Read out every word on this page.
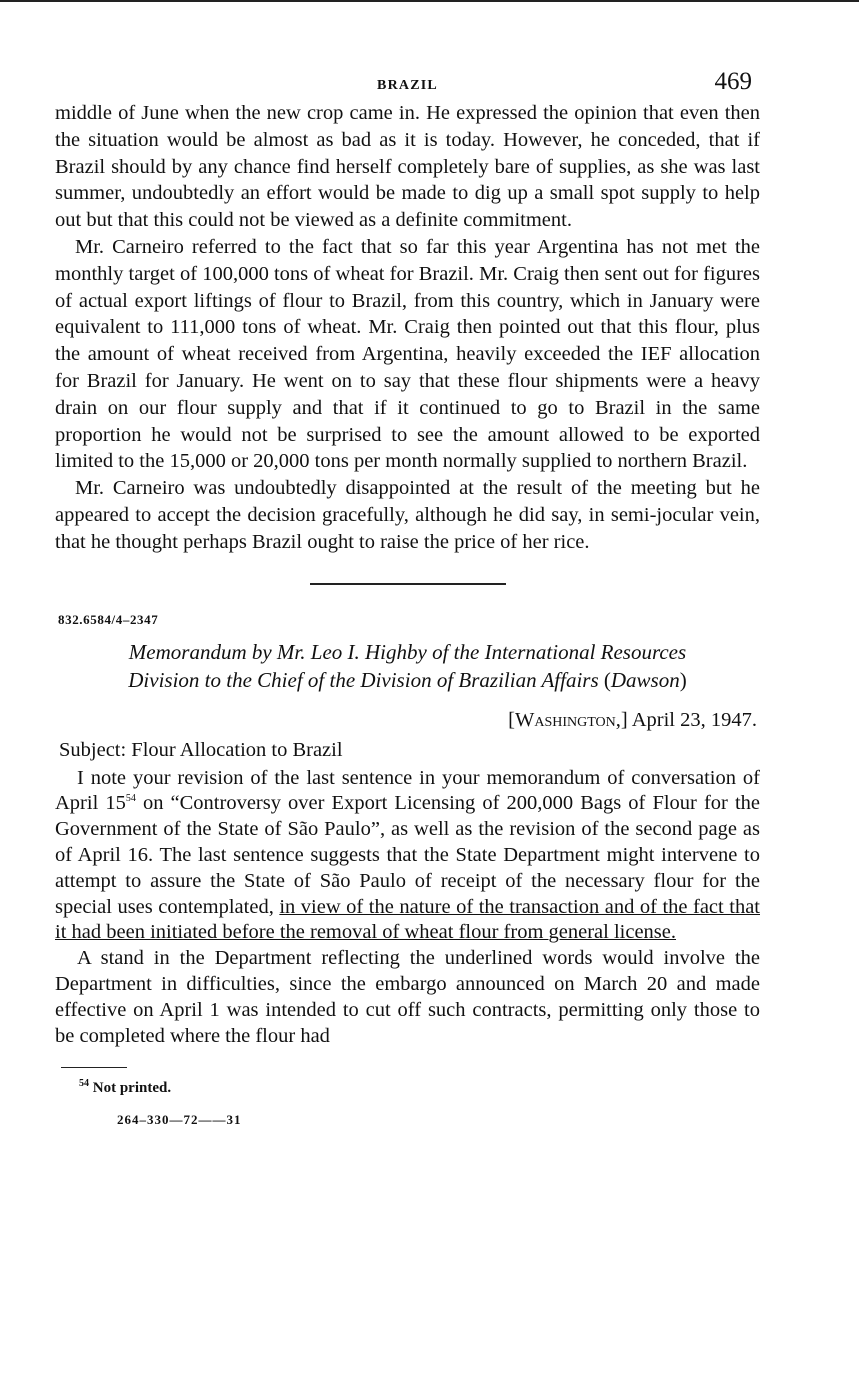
BRAZIL	469

middle of June when the new crop came in. He expressed the opinion that even then the situation would be almost as bad as it is today. However, he conceded, that if Brazil should by any chance find herself completely bare of supplies, as she was last summer, undoubtedly an effort would be made to dig up a small spot supply to help out but that this could not be viewed as a definite commitment.

Mr. Carneiro referred to the fact that so far this year Argentina has not met the monthly target of 100,000 tons of wheat for Brazil. Mr. Craig then sent out for figures of actual export liftings of flour to Brazil, from this country, which in January were equivalent to 111,000 tons of wheat. Mr. Craig then pointed out that this flour, plus the amount of wheat received from Argentina, heavily exceeded the IEF allocation for Brazil for January. He went on to say that these flour shipments were a heavy drain on our flour supply and that if it continued to go to Brazil in the same proportion he would not be surprised to see the amount allowed to be exported limited to the 15,000 or 20,000 tons per month normally supplied to northern Brazil.

Mr. Carneiro was undoubtedly disappointed at the result of the meeting but he appeared to accept the decision gracefully, although he did say, in semi-jocular vein, that he thought perhaps Brazil ought to raise the price of her rice.

832.6584/4–2347
Memorandum by Mr. Leo I. Highby of the International Resources
Division to the Chief of the Division of Brazilian Affairs (Dawson)
[Washington,] April 23, 1947.
Subject: Flour Allocation to Brazil

I note your revision of the last sentence in your memorandum of conversation of April $15^{54}$ on “Controversy over Export Licensing of 200,000 Bags of Flour for the Government of the State of São Paulo”, as well as the revision of the second page as of April 16. The last sentence suggests that the State Department might intervene to attempt to assure the State of São Paulo of receipt of the necessary flour for the special uses contemplated, in view of the nature of the transaction and of the fact that it had been initiated before the removal of wheat flour from general license.

A stand in the Department reflecting the underlined words would involve the Department in difficulties, since the embargo announced on March 20 and made effective on April 1 was intended to cut off such contracts, permitting only those to be completed where the flour had

$^{54}$ Not printed.
264–330—72——31
